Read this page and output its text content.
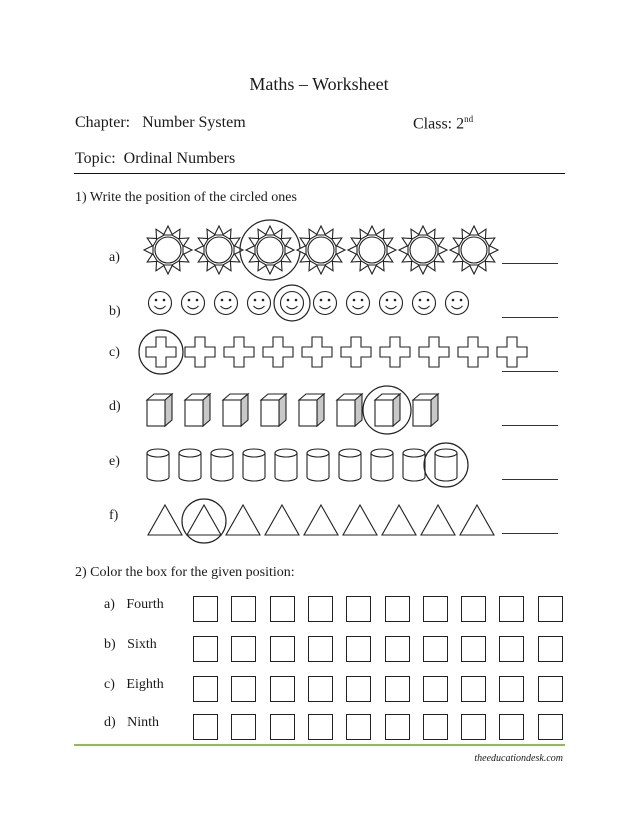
Maths – Worksheet
Chapter: Number System	Class: 2nd
Topic: Ordinal Numbers
1) Write the position of the circled ones
a)
b)
c)
d)
e)
f)
2) Color the box for the given position:
a) Fourth
b) Sixth
c) Eighth
d) Ninth
theeducationdesk.com
